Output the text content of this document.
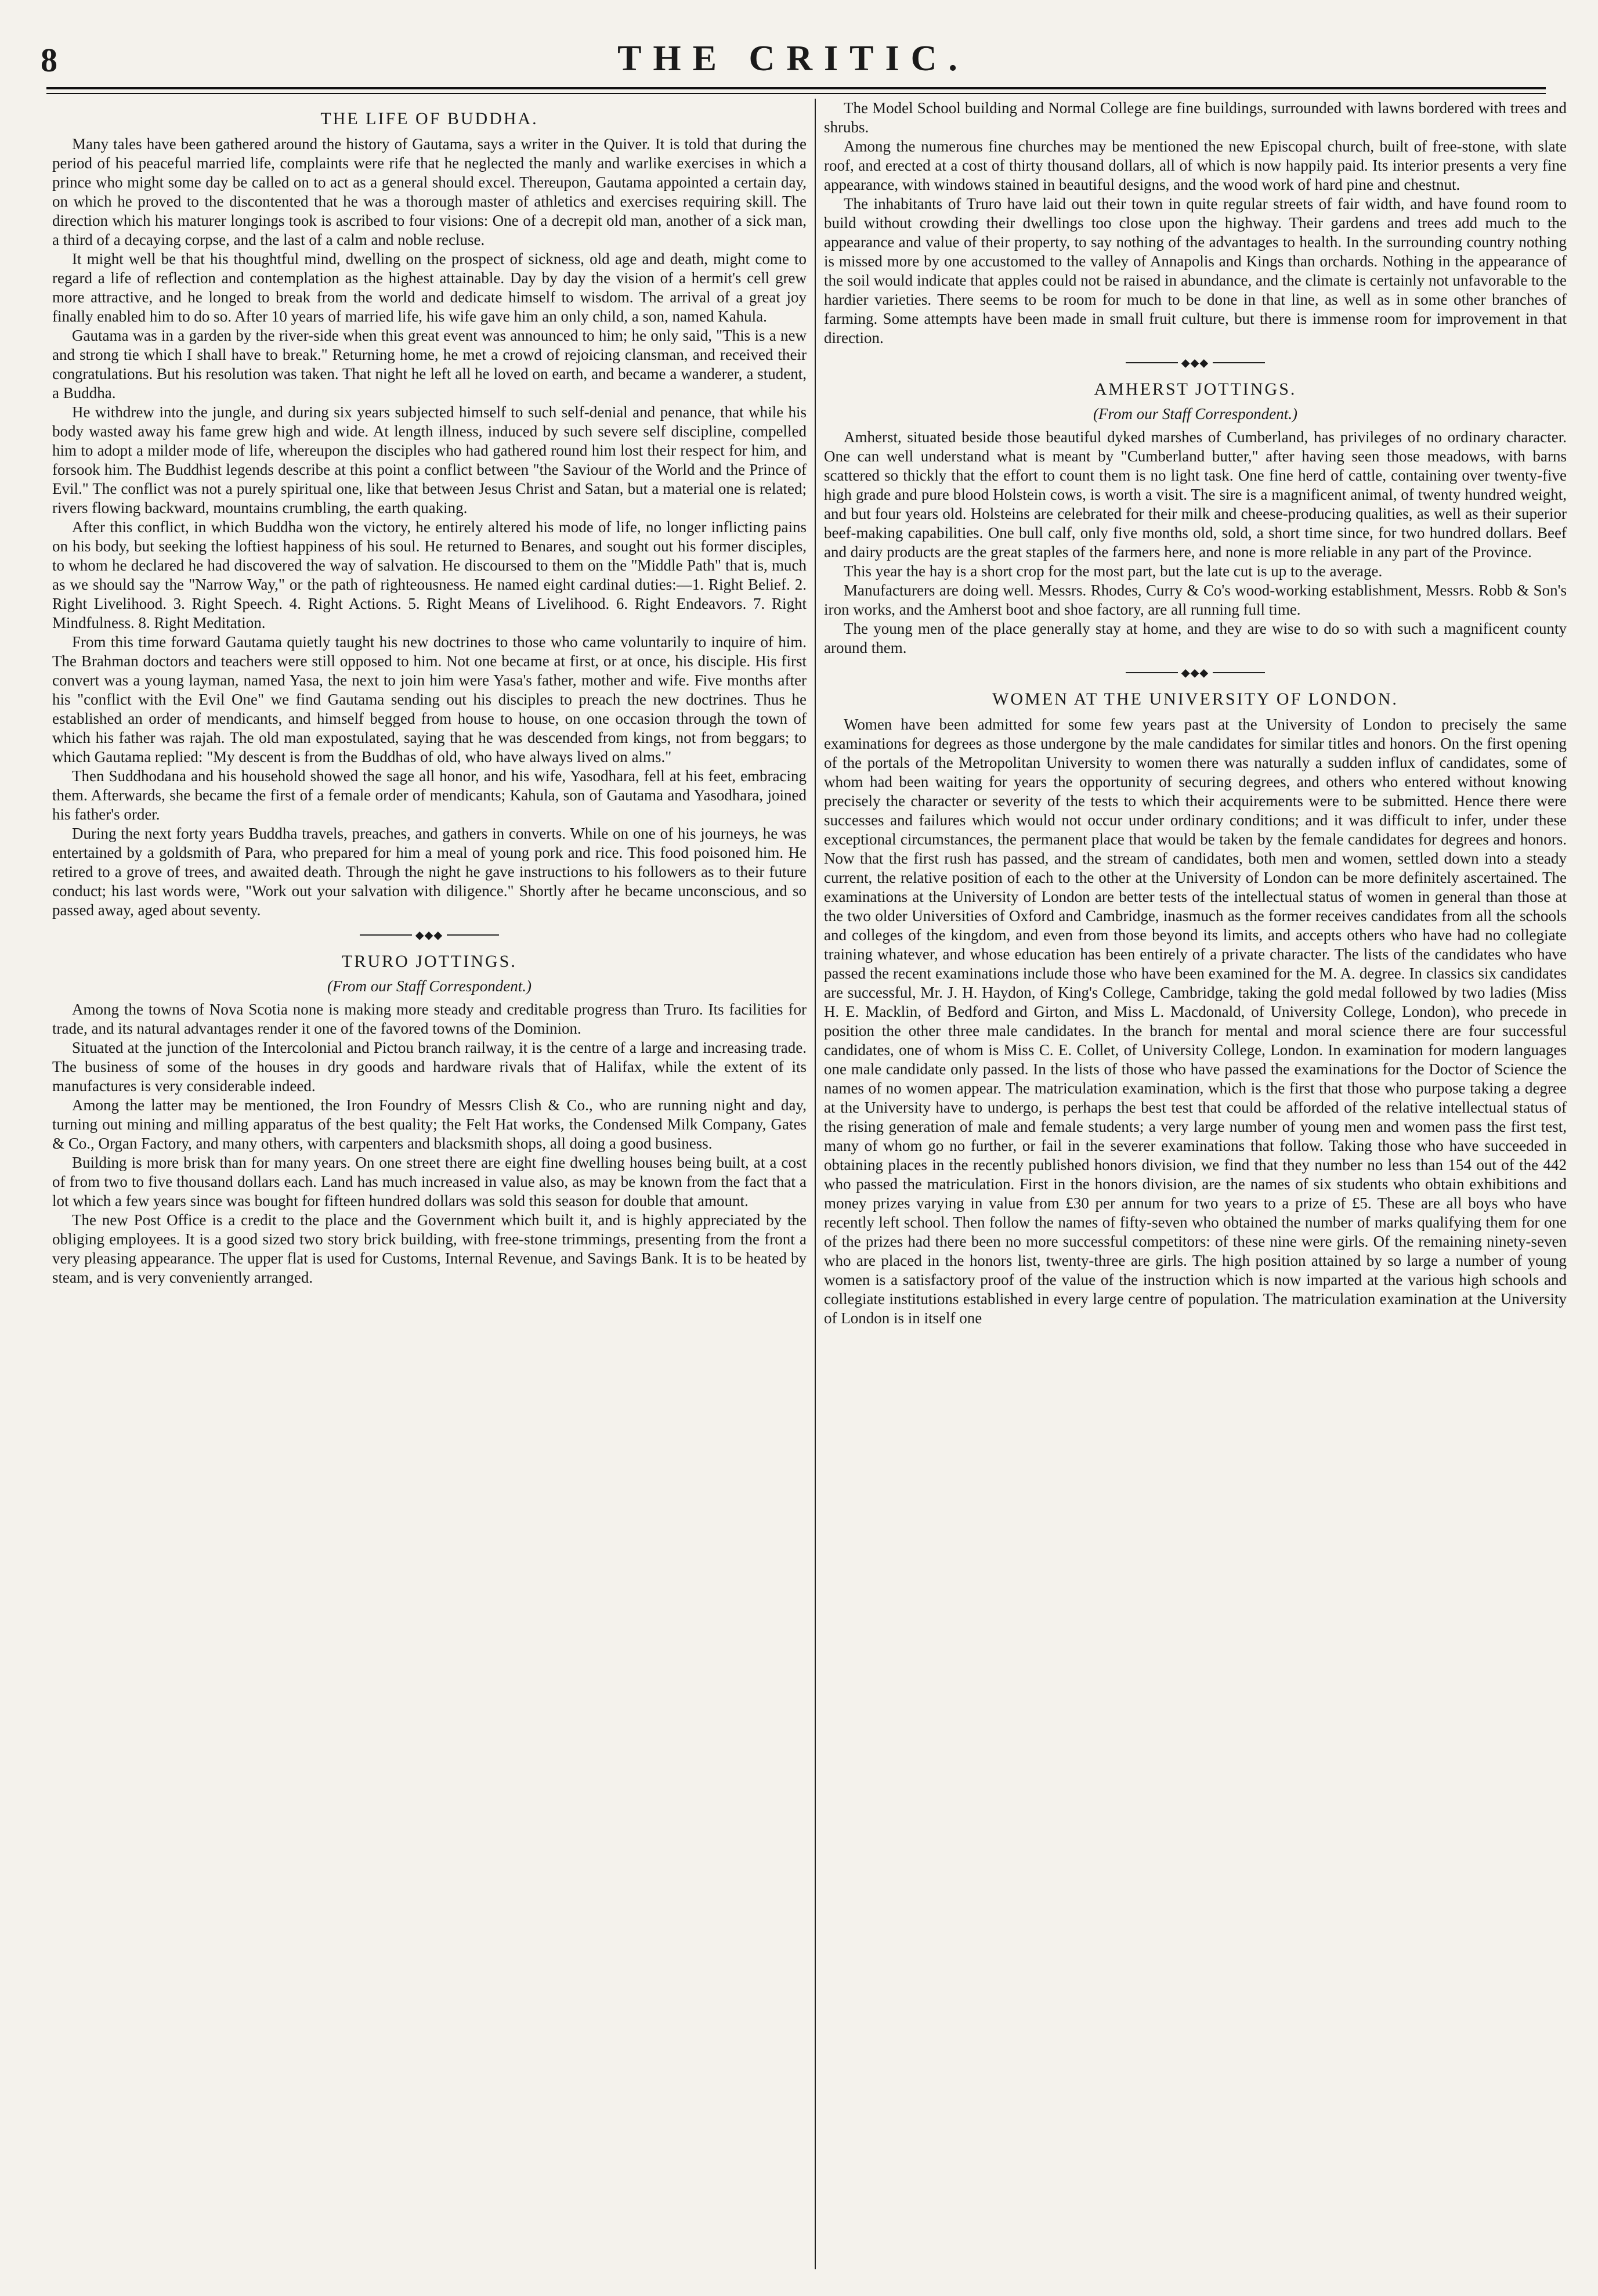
8	THE CRITIC.
THE LIFE OF BUDDHA.

Many tales have been gathered around the history of Gautama, says a writer in the Quiver. It is told that during the period of his peaceful married life, complaints were rife that he neglected the manly and warlike exercises in which a prince who might some day be called on to act as a general should excel. Thereupon, Gautama appointed a certain day, on which he proved to the discontented that he was a thorough master of athletics and exercises requiring skill. The direction which his maturer longings took is ascribed to four visions: One of a decrepit old man, another of a sick man, a third of a decaying corpse, and the last of a calm and noble recluse.

It might well be that his thoughtful mind, dwelling on the prospect of sickness, old age and death, might come to regard a life of reflection and contemplation as the highest attainable. Day by day the vision of a hermit's cell grew more attractive, and he longed to break from the world and dedicate himself to wisdom. The arrival of a great joy finally enabled him to do so. After 10 years of married life, his wife gave him an only child, a son, named Kahula.

Gautama was in a garden by the river-side when this great event was announced to him; he only said, "This is a new and strong tie which I shall have to break." Returning home, he met a crowd of rejoicing clansman, and received their congratulations. But his resolution was taken. That night he left all he loved on earth, and became a wanderer, a student, a Buddha.

He withdrew into the jungle, and during six years subjected himself to such self-denial and penance, that while his body wasted away his fame grew high and wide. At length illness, induced by such severe self discipline, compelled him to adopt a milder mode of life, whereupon the disciples who had gathered round him lost their respect for him, and forsook him. The Buddhist legends describe at this point a conflict between "the Saviour of the World and the Prince of Evil." The conflict was not a purely spiritual one, like that between Jesus Christ and Satan, but a material one is related; rivers flowing backward, mountains crumbling, the earth quaking.

After this conflict, in which Buddha won the victory, he entirely altered his mode of life, no longer inflicting pains on his body, but seeking the loftiest happiness of his soul. He returned to Benares, and sought out his former disciples, to whom he declared he had discovered the way of salvation. He discoursed to them on the "Middle Path" that is, much as we should say the "Narrow Way," or the path of righteousness. He named eight cardinal duties:—1. Right Belief. 2. Right Livelihood. 3. Right Speech. 4. Right Actions. 5. Right Means of Livelihood. 6. Right Endeavors. 7. Right Mindfulness. 8. Right Meditation.

From this time forward Gautama quietly taught his new doctrines to those who came voluntarily to inquire of him. The Brahman doctors and teachers were still opposed to him. Not one became at first, or at once, his disciple. His first convert was a young layman, named Yasa, the next to join him were Yasa's father, mother and wife. Five months after his "conflict with the Evil One" we find Gautama sending out his disciples to preach the new doctrines. Thus he established an order of mendicants, and himself begged from house to house, on one occasion through the town of which his father was rajah. The old man expostulated, saying that he was descended from kings, not from beggars; to which Gautama replied: "My descent is from the Buddhas of old, who have always lived on alms."

Then Suddhodana and his household showed the sage all honor, and his wife, Yasodhara, fell at his feet, embracing them. Afterwards, she became the first of a female order of mendicants; Kahula, son of Gautama and Yasodhara, joined his father's order.

During the next forty years Buddha travels, preaches, and gathers in converts. While on one of his journeys, he was entertained by a goldsmith of Para, who prepared for him a meal of young pork and rice. This food poisoned him. He retired to a grove of trees, and awaited death. Through the night he gave instructions to his followers as to their future conduct; his last words were, "Work out your salvation with diligence." Shortly after he became unconscious, and so passed away, aged about seventy.

◆◆◆
TRURO JOTTINGS.
(From our Staff Correspondent.)

Among the towns of Nova Scotia none is making more steady and creditable progress than Truro. Its facilities for trade, and its natural advantages render it one of the favored towns of the Dominion.

Situated at the junction of the Intercolonial and Pictou branch railway, it is the centre of a large and increasing trade. The business of some of the houses in dry goods and hardware rivals that of Halifax, while the extent of its manufactures is very considerable indeed.

Among the latter may be mentioned, the Iron Foundry of Messrs Clish & Co., who are running night and day, turning out mining and milling apparatus of the best quality; the Felt Hat works, the Condensed Milk Company, Gates & Co., Organ Factory, and many others, with carpenters and blacksmith shops, all doing a good business.

Building is more brisk than for many years. On one street there are eight fine dwelling houses being built, at a cost of from two to five thousand dollars each. Land has much increased in value also, as may be known from the fact that a lot which a few years since was bought for fifteen hundred dollars was sold this season for double that amount.

The new Post Office is a credit to the place and the Government which built it, and is highly appreciated by the obliging employees. It is a good sized two story brick building, with free-stone trimmings, presenting from the front a very pleasing appearance. The upper flat is used for Customs, Internal Revenue, and Savings Bank. It is to be heated by steam, and is very conveniently arranged.

The Model School building and Normal College are fine buildings, surrounded with lawns bordered with trees and shrubs.

Among the numerous fine churches may be mentioned the new Episcopal church, built of free-stone, with slate roof, and erected at a cost of thirty thousand dollars, all of which is now happily paid. Its interior presents a very fine appearance, with windows stained in beautiful designs, and the wood work of hard pine and chestnut.

The inhabitants of Truro have laid out their town in quite regular streets of fair width, and have found room to build without crowding their dwellings too close upon the highway. Their gardens and trees add much to the appearance and value of their property, to say nothing of the advantages to health. In the surrounding country nothing is missed more by one accustomed to the valley of Annapolis and Kings than orchards. Nothing in the appearance of the soil would indicate that apples could not be raised in abundance, and the climate is certainly not unfavorable to the hardier varieties. There seems to be room for much to be done in that line, as well as in some other branches of farming. Some attempts have been made in small fruit culture, but there is immense room for improvement in that direction.

◆◆◆
AMHERST JOTTINGS.
(From our Staff Correspondent.)

Amherst, situated beside those beautiful dyked marshes of Cumberland, has privileges of no ordinary character. One can well understand what is meant by "Cumberland butter," after having seen those meadows, with barns scattered so thickly that the effort to count them is no light task. One fine herd of cattle, containing over twenty-five high grade and pure blood Holstein cows, is worth a visit. The sire is a magnificent animal, of twenty hundred weight, and but four years old. Holsteins are celebrated for their milk and cheese-producing qualities, as well as their superior beef-making capabilities. One bull calf, only five months old, sold, a short time since, for two hundred dollars. Beef and dairy products are the great staples of the farmers here, and none is more reliable in any part of the Province.

This year the hay is a short crop for the most part, but the late cut is up to the average.

Manufacturers are doing well. Messrs. Rhodes, Curry & Co's wood-working establishment, Messrs. Robb & Son's iron works, and the Amherst boot and shoe factory, are all running full time.

The young men of the place generally stay at home, and they are wise to do so with such a magnificent county around them.

◆◆◆
WOMEN AT THE UNIVERSITY OF LONDON.

Women have been admitted for some few years past at the University of London to precisely the same examinations for degrees as those undergone by the male candidates for similar titles and honors. On the first opening of the portals of the Metropolitan University to women there was naturally a sudden influx of candidates, some of whom had been waiting for years the opportunity of securing degrees, and others who entered without knowing precisely the character or severity of the tests to which their acquirements were to be submitted. Hence there were successes and failures which would not occur under ordinary conditions; and it was difficult to infer, under these exceptional circumstances, the permanent place that would be taken by the female candidates for degrees and honors. Now that the first rush has passed, and the stream of candidates, both men and women, settled down into a steady current, the relative position of each to the other at the University of London can be more definitely ascertained. The examinations at the University of London are better tests of the intellectual status of women in general than those at the two older Universities of Oxford and Cambridge, inasmuch as the former receives candidates from all the schools and colleges of the kingdom, and even from those beyond its limits, and accepts others who have had no collegiate training whatever, and whose education has been entirely of a private character. The lists of the candidates who have passed the recent examinations include those who have been examined for the M. A. degree. In classics six candidates are successful, Mr. J. H. Haydon, of King's College, Cambridge, taking the gold medal followed by two ladies (Miss H. E. Macklin, of Bedford and Girton, and Miss L. Macdonald, of University College, London), who precede in position the other three male candidates. In the branch for mental and moral science there are four successful candidates, one of whom is Miss C. E. Collet, of University College, London. In examination for modern languages one male candidate only passed. In the lists of those who have passed the examinations for the Doctor of Science the names of no women appear. The matriculation examination, which is the first that those who purpose taking a degree at the University have to undergo, is perhaps the best test that could be afforded of the relative intellectual status of the rising generation of male and female students; a very large number of young men and women pass the first test, many of whom go no further, or fail in the severer examinations that follow. Taking those who have succeeded in obtaining places in the recently published honors division, we find that they number no less than 154 out of the 442 who passed the matriculation. First in the honors division, are the names of six students who obtain exhibitions and money prizes varying in value from £30 per annum for two years to a prize of £5. These are all boys who have recently left school. Then follow the names of fifty-seven who obtained the number of marks qualifying them for one of the prizes had there been no more successful competitors: of these nine were girls. Of the remaining ninety-seven who are placed in the honors list, twenty-three are girls. The high position attained by so large a number of young women is a satisfactory proof of the value of the instruction which is now imparted at the various high schools and collegiate institutions established in every large centre of population. The matriculation examination at the University of London is in itself one
